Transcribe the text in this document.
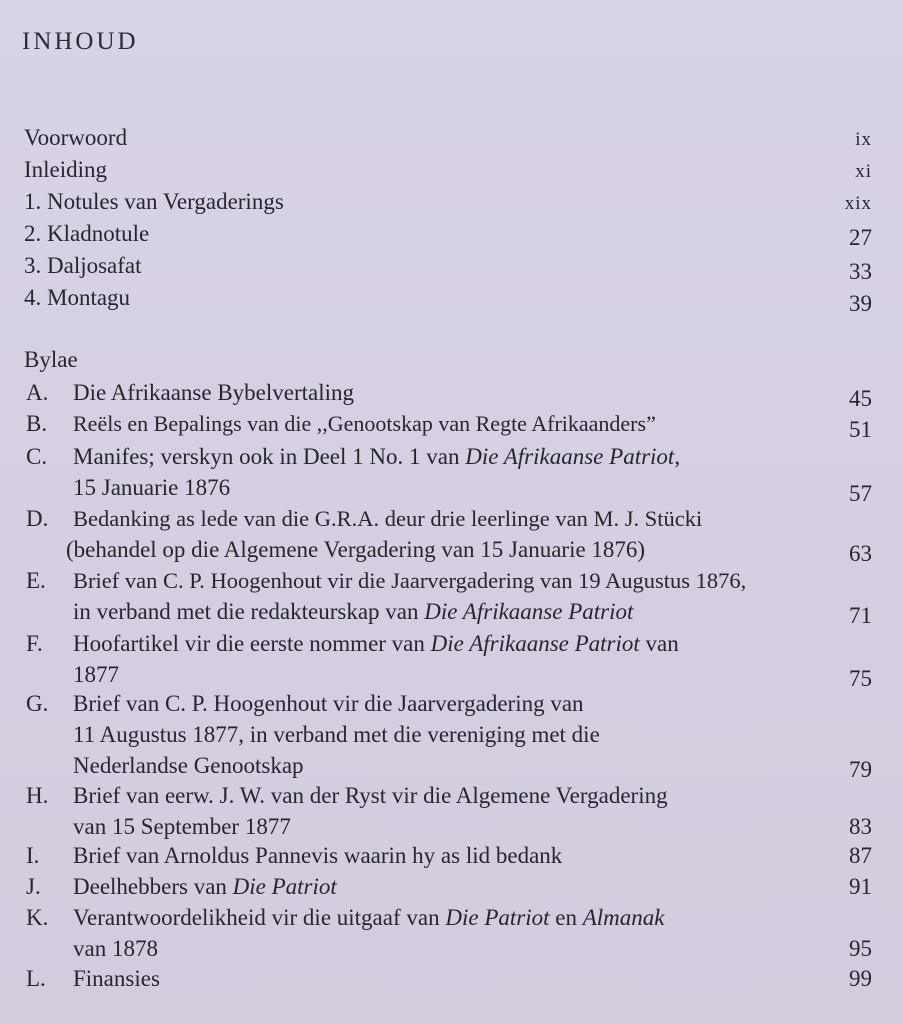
INHOUD
Voorwoord	ix
Inleiding	xi
1. Notules van Vergaderings	xix
2. Kladnotule	27
3. Daljosafat	33
4. Montagu	39
Bylae
A. Die Afrikaanse Bybelvertaling	45
B. Reëls en Bepalings van die ,,Genootskap van Regte Afrikaanders”	51
C. Manifes; verskyn ook in Deel 1 No. 1 van Die Afrikaanse Patriot,
15 Januarie 1876	57
D. Bedanking as lede van die G.R.A. deur drie leerlinge van M. J. Stücki
(behandel op die Algemene Vergadering van 15 Januarie 1876)	63
E. Brief van C. P. Hoogenhout vir die Jaarvergadering van 19 Augustus 1876,
in verband met die redakteurskap van Die Afrikaanse Patriot	71
F. Hoofartikel vir die eerste nommer van Die Afrikaanse Patriot van
1877	75
G. Brief van C. P. Hoogenhout vir die Jaarvergadering van
11 Augustus 1877, in verband met die vereniging met die
Nederlandse Genootskap	79
H. Brief van eerw. J. W. van der Ryst vir die Algemene Vergadering
van 15 September 1877	83
I. Brief van Arnoldus Pannevis waarin hy as lid bedank	87
J. Deelhebbers van Die Patriot	91
K. Verantwoordelikheid vir die uitgaaf van Die Patriot en Almanak
van 1878	95
L. Finansies	99
